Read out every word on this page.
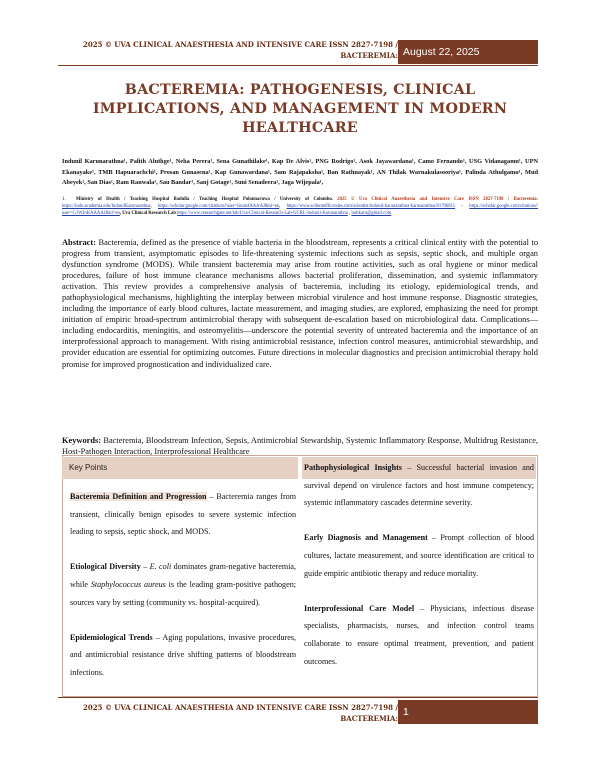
2025 © UVA CLINICAL ANAESTHESIA AND INTENSIVE CARE ISSN 2827-7198 /
BACTEREMIA: August 22, 2025
BACTEREMIA: PATHOGENESIS, CLINICAL IMPLICATIONS, AND MANAGEMENT IN MODERN HEALTHCARE
Indunil Karunarathna¹, Palith Aluthge¹, Neha Perera¹, Sena Gunathilake¹, Kap De Alvis¹, PNG Rodrigo¹, Asok Jayawardana¹, Camo Fernando¹, USG Vidanagamu¹, UPN Ekanayake¹, TMB Hapuarachchi¹, Prosan Gunasena¹, Kap Gunawardana¹, Sam Rajapaksha¹, Ban Rathnayak¹, AN Thilak Warnakulasooriya¹, Palinda Athulgamu¹, Mud Abeyek¹, San Dias¹, Ram Ranwala¹, Sau Bandar¹, Sanj Gotage¹, Suni Senadeera¹, Jaga Wijepala¹,
1. Ministry of Health / Teaching Hospital Badulla / Teaching Hospital Polonnaruwa / University of Colombo. 2025 © Uva Clinical Anaesthesia and Intensive Care ISSN 2827-7198 / Bacteremia: https://indo.academia.edu/IndunilKarunarathna, https://scholar.google.com/citations?user=IrnaisIAAAAJ&hl=en, https://www.scilenteiflicrodes.com/scientist/indunil-karunarathna-karunarathna/81706811 - https://scholar.google.com/citations?user=G1WJnKAAAAJ&hl=en, Uva Clinical Research Lab https://www.researchgate.net/lab/Uva-Clinical-Research-Lab-UCRL-Indunil-Karunarathna , indikaru@gmail.com
Abstract: Bacteremia, defined as the presence of viable bacteria in the bloodstream, represents a critical clinical entity with the potential to progress from transient, asymptomatic episodes to life-threatening systemic infections such as sepsis, septic shock, and multiple organ dysfunction syndrome (MODS). While transient bacteremia may arise from routine activities, such as oral hygiene or minor medical procedures, failure of host immune clearance mechanisms allows bacterial proliferation, dissemination, and systemic inflammatory activation. This review provides a comprehensive analysis of bacteremia, including its etiology, epidemiological trends, and pathophysiological mechanisms, highlighting the interplay between microbial virulence and host immune response. Diagnostic strategies, including the importance of early blood cultures, lactate measurement, and imaging studies, are explored, emphasizing the need for prompt initiation of empiric broad-spectrum antimicrobial therapy with subsequent de-escalation based on microbiological data. Complications—including endocarditis, meningitis, and osteomyelitis—underscore the potential severity of untreated bacteremia and the importance of an interprofessional approach to management. With rising antimicrobial resistance, infection control measures, antimicrobial stewardship, and provider education are essential for optimizing outcomes. Future directions in molecular diagnostics and precision antimicrobial therapy hold promise for improved prognostication and individualized care.
Keywords: Bacteremia, Bloodstream Infection, Sepsis, Antimicrobial Stewardship, Systemic Inflammatory Response, Multidrug Resistance, Host-Pathogen Interaction, Interprofessional Healthcare
Key Points

Bacteremia Definition and Progression – Bacteremia ranges from transient, clinically benign episodes to severe systemic infection leading to sepsis, septic shock, and MODS.

Etiological Diversity – E. coli dominates gram-negative bacteremia, while Staphylococcus aureus is the leading gram-positive pathogen; sources vary by setting (community vs. hospital-acquired).

Epidemiological Trends – Aging populations, invasive procedures, and antimicrobial resistance drive shifting patterns of bloodstream infections.

Pathophysiological Insights – Successful bacterial invasion and survival depend on virulence factors and host immune competency; systemic inflammatory cascades determine severity.

Early Diagnosis and Management – Prompt collection of blood cultures, lactate measurement, and source identification are critical to guide empiric antibiotic therapy and reduce mortality.

Interprofessional Care Model – Physicians, infectious disease specialists, pharmacists, nurses, and infection control teams collaborate to ensure optimal treatment, prevention, and patient outcomes.

2025 © UVA CLINICAL ANAESTHESIA AND INTENSIVE CARE ISSN 2827-7198 /
BACTEREMIA:
1
